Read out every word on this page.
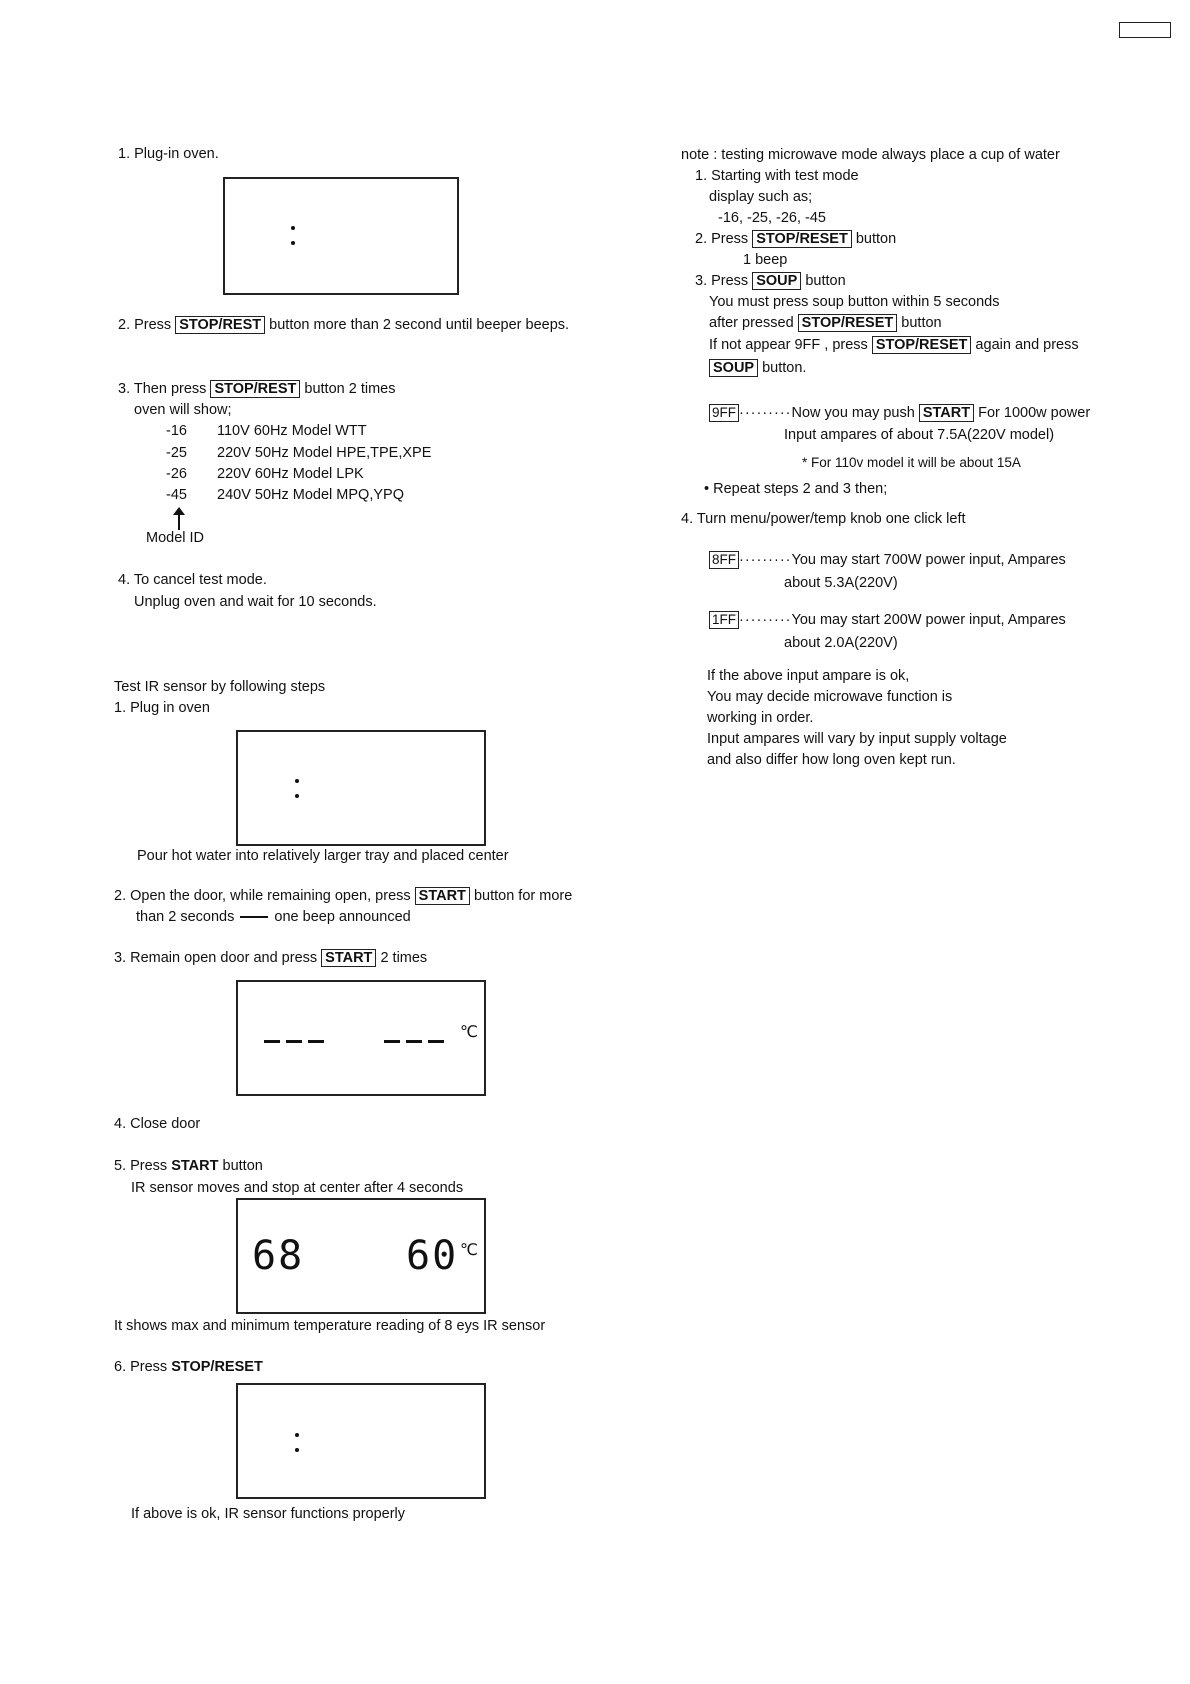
1. Plug-in oven.
2. Press STOP/REST button more than 2 second until beeper beeps.
3. Then press STOP/REST button 2 times
oven will show;
-16 110V 60Hz Model WTT
-25 220V 50Hz Model HPE,TPE,XPE
-26 220V 60Hz Model LPK
-45 240V 50Hz Model MPQ,YPQ
Model ID
4. To cancel test mode.
Unplug oven and wait for 10 seconds.
Test IR sensor by following steps
1. Plug in oven
Pour hot water into relatively larger tray and placed center
2. Open the door, while remaining open, press START button for more
than 2 seconds	one beep announced
3. Remain open door and press START 2 times
℃
4. Close door
5. Press START button
IR sensor moves and stop at center after 4 seconds
68	60 ℃
It shows max and minimum temperature reading of 8 eys IR sensor
6. Press STOP/RESET
If above is ok, IR sensor functions properly
note : testing microwave mode always place a cup of water
1. Starting with test mode
display such as;
-16, -25, -26, -45
2. Press STOP/RESET button
1 beep
3. Press SOUP button
You must press soup button within 5 seconds
after pressed STOP/RESET button
If not appear 9FF , press STOP/RESET again and press
SOUP button.
9FF ·········Now you may push START For 1000w power
Input ampares of about 7.5A(220V model)
* For 110v model it will be about 15A
• Repeat steps 2 and 3 then;
4. Turn menu/power/temp knob one click left
8FF ·········You may start 700W power input, Ampares
about 5.3A(220V)
1FF ·········You may start 200W power input, Ampares
about 2.0A(220V)
If the above input ampare is ok,
You may decide microwave function is
working in order.
Input ampares will vary by input supply voltage
and also differ how long oven kept run.
